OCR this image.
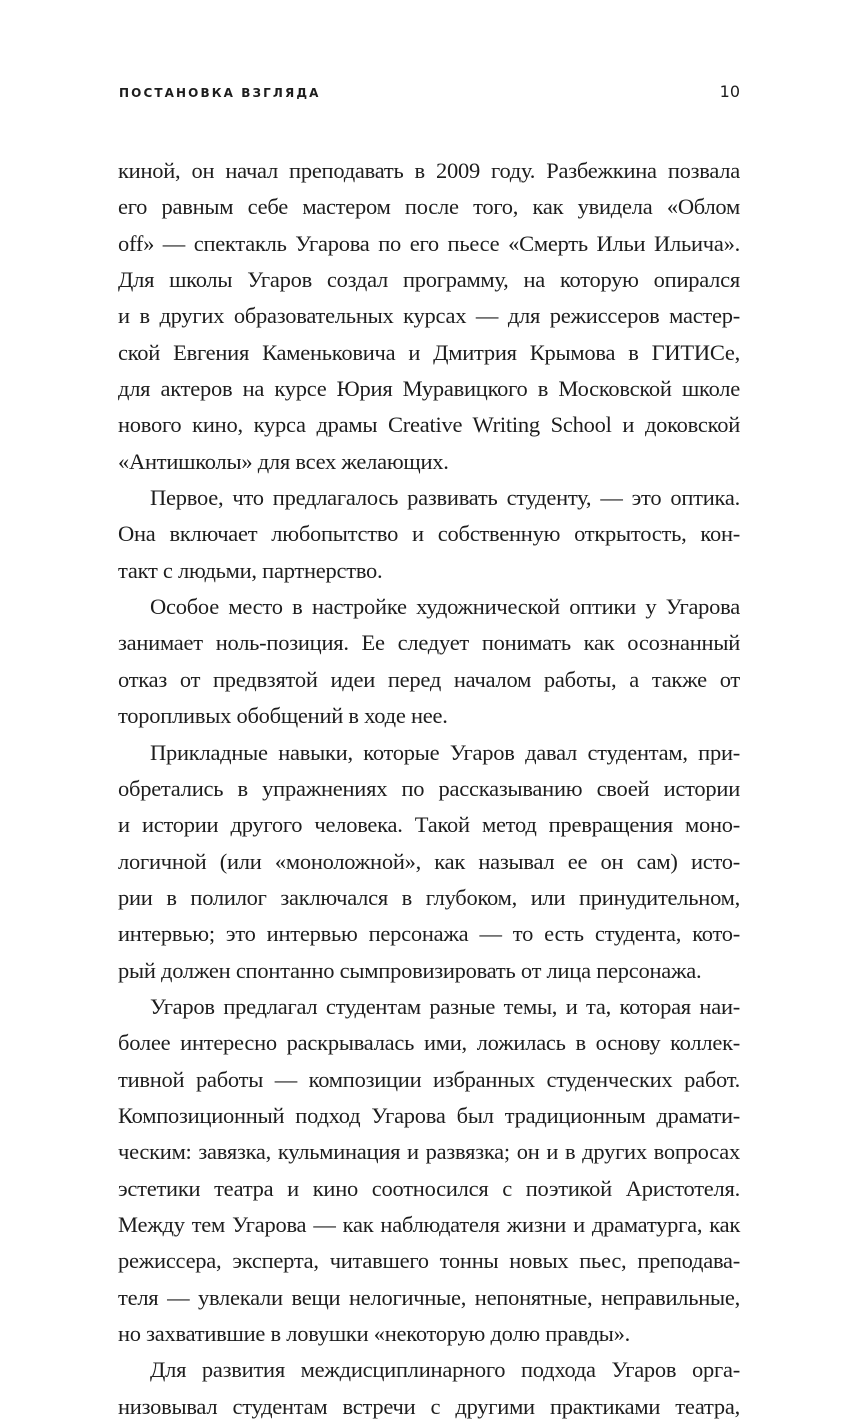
ПОСТАНОВКА ВЗГЛЯДА	10
киной, он начал преподавать в 2009 году. Разбежкина позвала
его равным себе мастером после того, как увидела «Облом
off» — спектакль Угарова по его пьесе «Смерть Ильи Ильича».
Для школы Угаров создал программу, на которую опирался
и в других образовательных курсах — для режиссеров мастер-
ской Евгения Каменьковича и Дмитрия Крымова в ГИТИСе,
для актеров на курсе Юрия Муравицкого в Московской школе
нового кино, курса драмы Creative Writing School и доковской
«Антишколы» для всех желающих.
Первое, что предлагалось развивать студенту, — это оптика.
Она включает любопытство и собственную открытость, кон-
такт с людьми, партнерство.
Особое место в настройке художнической оптики у Угарова
занимает ноль-позиция. Ее следует понимать как осознанный
отказ от предвзятой идеи перед началом работы, а также от
торопливых обобщений в ходе нее.
Прикладные навыки, которые Угаров давал студентам, при-
обретались в упражнениях по рассказыванию своей истории
и истории другого человека. Такой метод превращения моно-
логичной (или «моноложной», как называл ее он сам) исто-
рии в полилог заключался в глубоком, или принудительном,
интервью; это интервью персонажа — то есть студента, кото-
рый должен спонтанно сымпровизировать от лица персонажа.
Угаров предлагал студентам разные темы, и та, которая наи-
более интересно раскрывалась ими, ложилась в основу коллек-
тивной работы — композиции избранных студенческих работ.
Композиционный подход Угарова был традиционным драмати-
ческим: завязка, кульминация и развязка; он и в других вопросах
эстетики театра и кино соотносился с поэтикой Аристотеля.
Между тем Угарова — как наблюдателя жизни и драматурга, как
режиссера, эксперта, читавшего тонны новых пьес, преподава-
теля — увлекали вещи нелогичные, непонятные, неправильные,
но захватившие в ловушки «некоторую долю правды».
Для развития междисциплинарного подхода Угаров орга-
низовывал студентам встречи с другими практиками театра,
